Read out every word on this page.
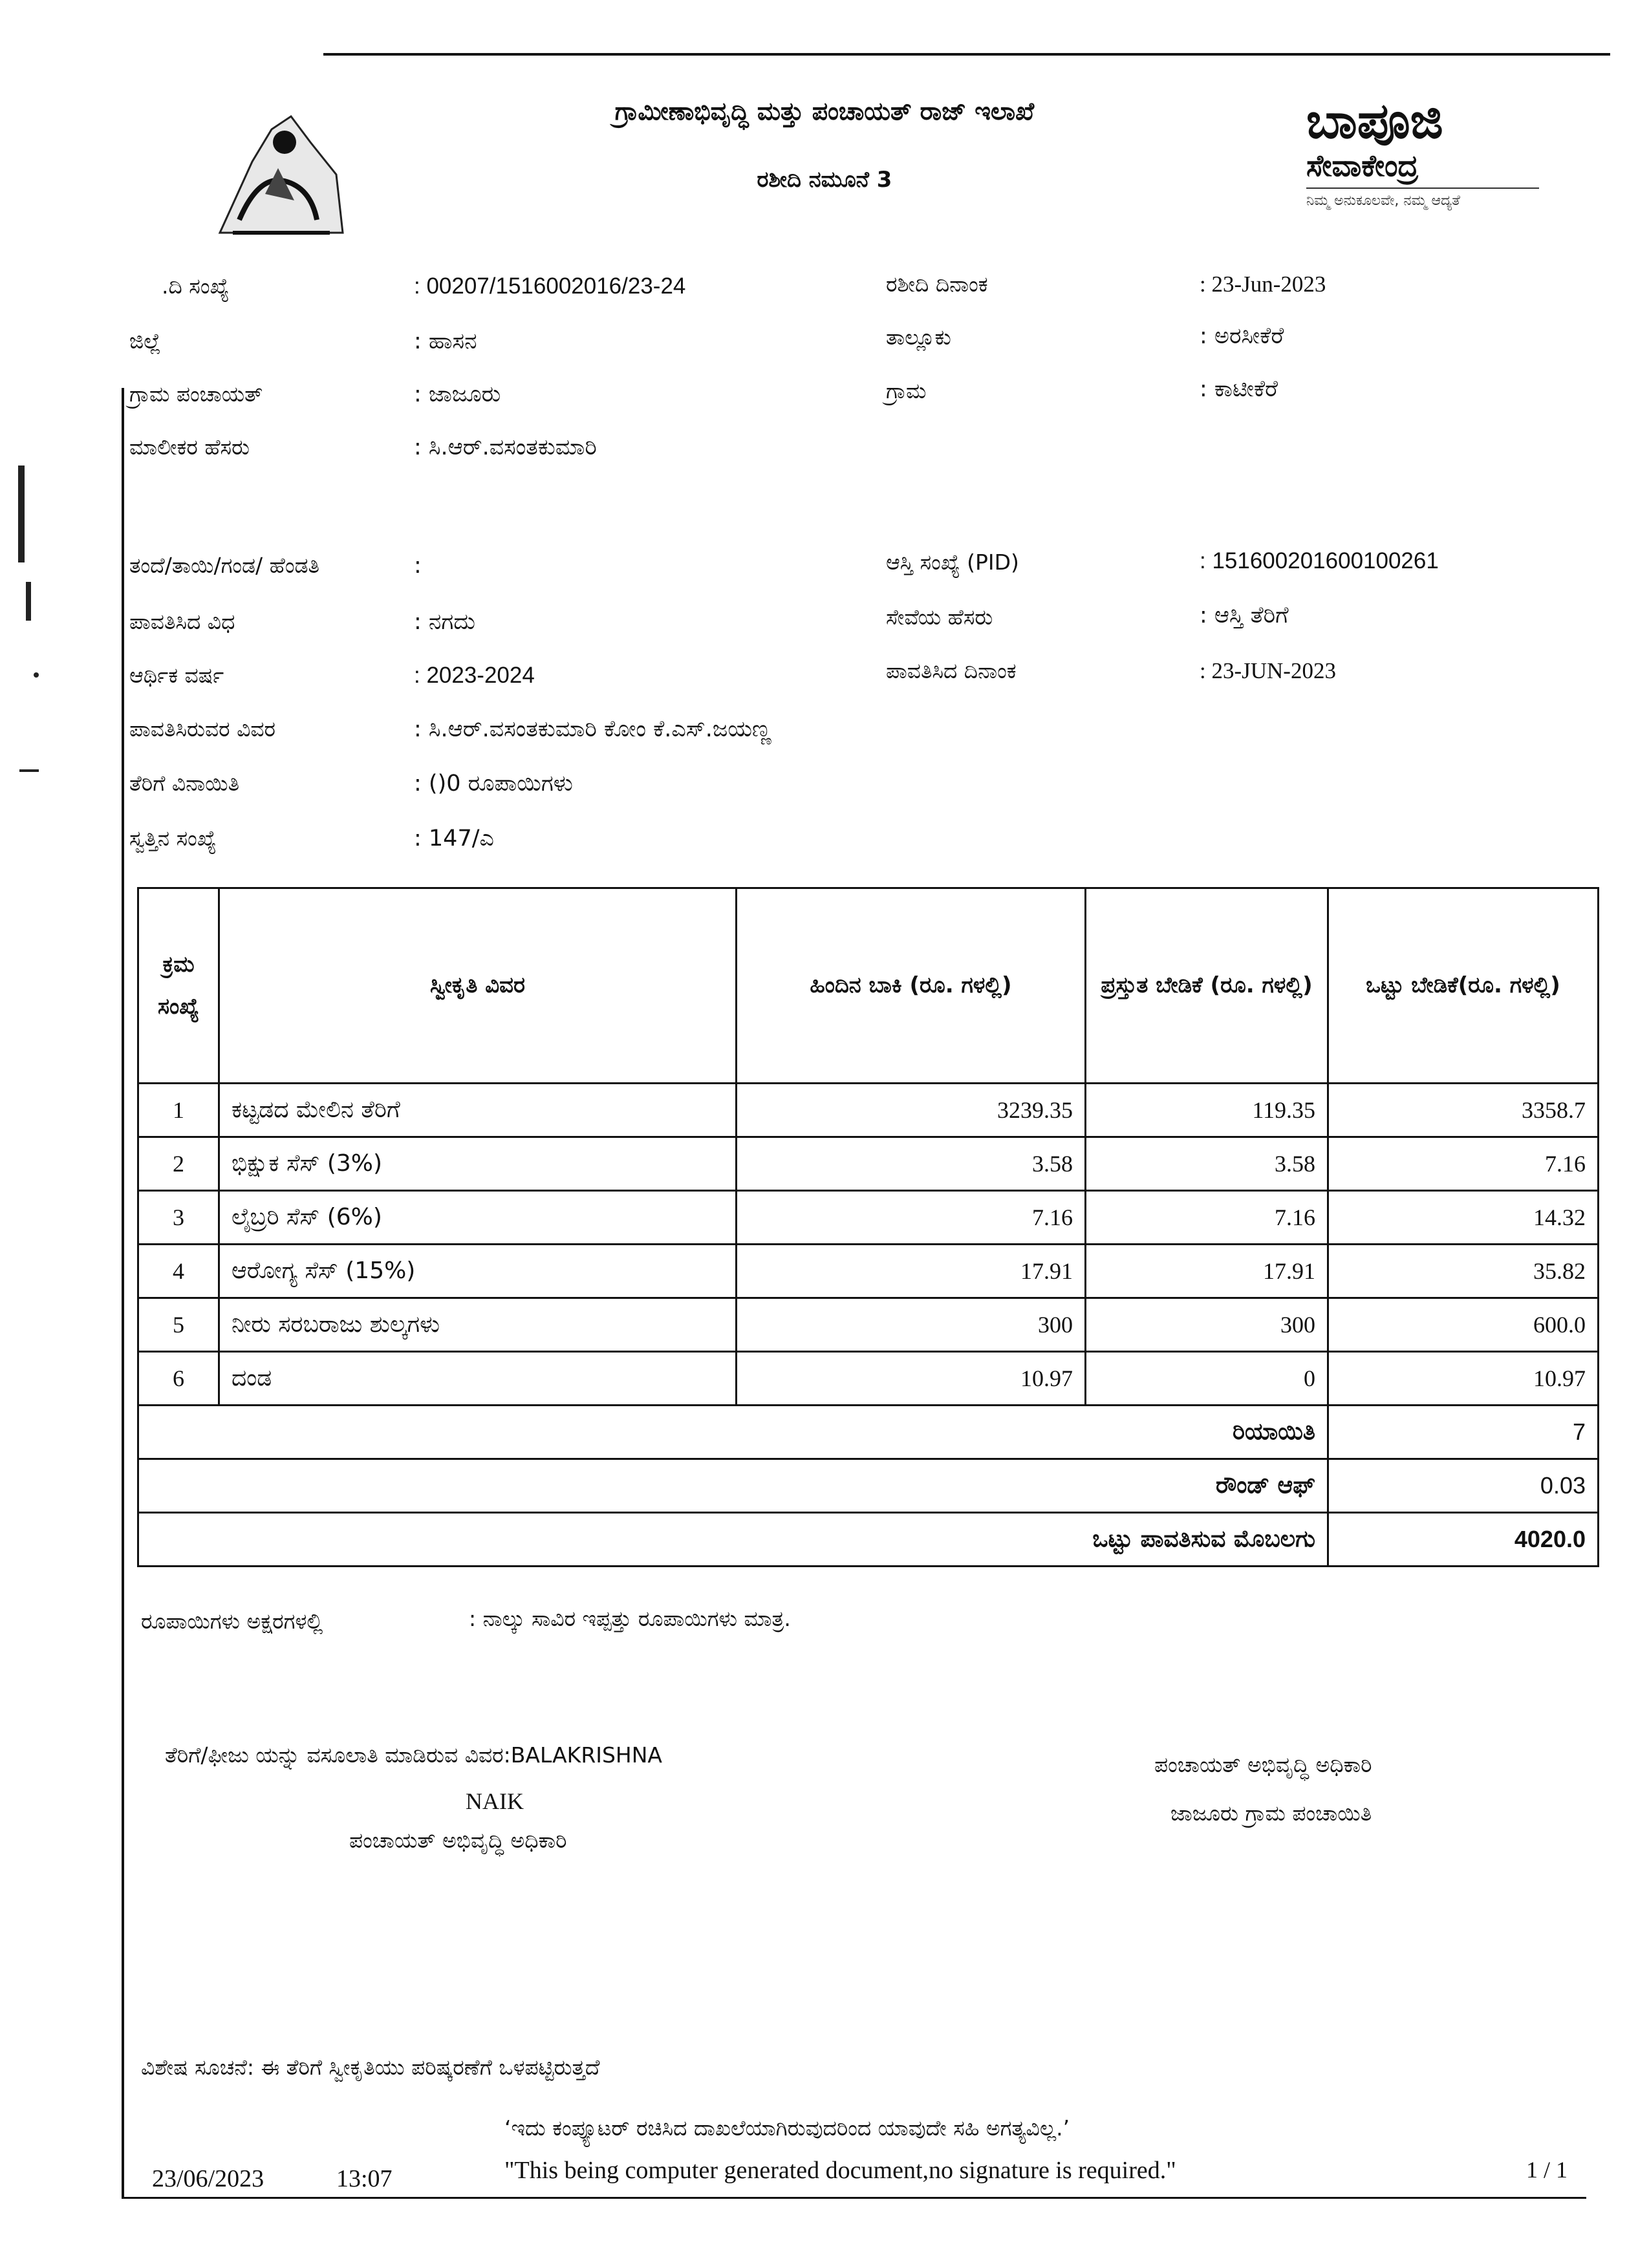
ಬಾಪೂಜಿ
ಸೇವಾಕೇಂದ್ರ
ನಿಮ್ಮ ಅನುಕೂಲವೇ, ನಮ್ಮ ಆದ್ಯತೆ
ಗ್ರಾಮೀಣಾಭಿವೃದ್ಧಿ ಮತ್ತು ಪಂಚಾಯತ್ ರಾಜ್ ಇಲಾಖೆ
ರಶೀದಿ ನಮೂನೆ 3
.ದಿ ಸಂಖ್ಯೆ	: 00207/1516002016/23-24
ಜಿಲ್ಲೆ	: ಹಾಸನ
ಗ್ರಾಮ ಪಂಚಾಯತ್	: ಜಾಜೂರು
ಮಾಲೀಕರ ಹೆಸರು	: ಸಿ.ಆರ್.ವಸಂತಕುಮಾರಿ
ತಂದೆ/ತಾಯಿ/ಗಂಡ/ ಹೆಂಡತಿ	:
ಪಾವತಿಸಿದ ವಿಧ	: ನಗದು
ಆರ್ಥಿಕ ವರ್ಷ	: 2023-2024
ಪಾವತಿಸಿರುವರ ವಿವರ	: ಸಿ.ಆರ್.ವಸಂತಕುಮಾರಿ ಕೋಂ ಕೆ.ಎಸ್.ಜಯಣ್ಣ
ತೆರಿಗೆ ವಿನಾಯಿತಿ	: ()0 ರೂಪಾಯಿಗಳು
ಸ್ವತ್ತಿನ ಸಂಖ್ಯೆ	: 147/ಎ
ರಶೀದಿ ದಿನಾಂಕ	: 23-Jun-2023
ತಾಲ್ಲೂಕು	: ಅರಸೀಕೆರೆ
ಗ್ರಾಮ	: ಕಾಟೀಕೆರೆ
ಆಸ್ತಿ ಸಂಖ್ಯೆ (PID)	: 151600201600100261
ಸೇವೆಯ ಹೆಸರು	: ಆಸ್ತಿ ತೆರಿಗೆ
ಪಾವತಿಸಿದ ದಿನಾಂಕ	: 23-JUN-2023
ಕ್ರಮ ಸಂಖ್ಯೆ	ಸ್ವೀಕೃತಿ ವಿವರ	ಹಿಂದಿನ ಬಾಕಿ (ರೂ. ಗಳಲ್ಲಿ)	ಪ್ರಸ್ತುತ ಬೇಡಿಕೆ (ರೂ. ಗಳಲ್ಲಿ)	ಒಟ್ಟು ಬೇಡಿಕೆ(ರೂ. ಗಳಲ್ಲಿ)
1	ಕಟ್ಟಡದ ಮೇಲಿನ ತೆರಿಗೆ	3239.35	119.35	3358.7
2	ಭಿಕ್ಷುಕ ಸೆಸ್ (3%)	3.58	3.58	7.16
3	ಲೈಬ್ರರಿ ಸೆಸ್ (6%)	7.16	7.16	14.32
4	ಆರೋಗ್ಯ ಸೆಸ್ (15%)	17.91	17.91	35.82
5	ನೀರು ಸರಬರಾಜು ಶುಲ್ಕಗಳು	300	300	600.0
6	ದಂಡ	10.97	0	10.97
ರಿಯಾಯಿತಿ				7
ರೌಂಡ್ ಆಫ್				0.03
ಒಟ್ಟು ಪಾವತಿಸುವ ಮೊಬಲಗು				4020.0
ರೂಪಾಯಿಗಳು ಅಕ್ಷರಗಳಲ್ಲಿ	: ನಾಲ್ಕು ಸಾವಿರ ಇಪ್ಪತ್ತು ರೂಪಾಯಿಗಳು ಮಾತ್ರ.
ತೆರಿಗೆ/ಫೀಜು ಯನ್ನು ವಸೂಲಾತಿ ಮಾಡಿರುವ ವಿವರ:BALAKRISHNA
NAIK
ಪಂಚಾಯತ್ ಅಭಿವೃದ್ಧಿ ಅಧಿಕಾರಿ
ಪಂಚಾಯತ್ ಅಭಿವೃದ್ಧಿ ಅಧಿಕಾರಿ
ಜಾಜೂರು ಗ್ರಾಮ ಪಂಚಾಯಿತಿ
ವಿಶೇಷ ಸೂಚನೆ: ಈ ತೆರಿಗೆ ಸ್ವೀಕೃತಿಯು ಪರಿಷ್ಕರಣೆಗೆ ಒಳಪಟ್ಟಿರುತ್ತದೆ
‘ಇದು ಕಂಪ್ಯೂಟರ್ ರಚಿಸಿದ ದಾಖಲೆಯಾಗಿರುವುದರಿಂದ ಯಾವುದೇ ಸಹಿ ಅಗತ್ಯವಿಲ್ಲ.’
"This being computer generated document,no signature is required."
23/06/2023	13:07	1 / 1
